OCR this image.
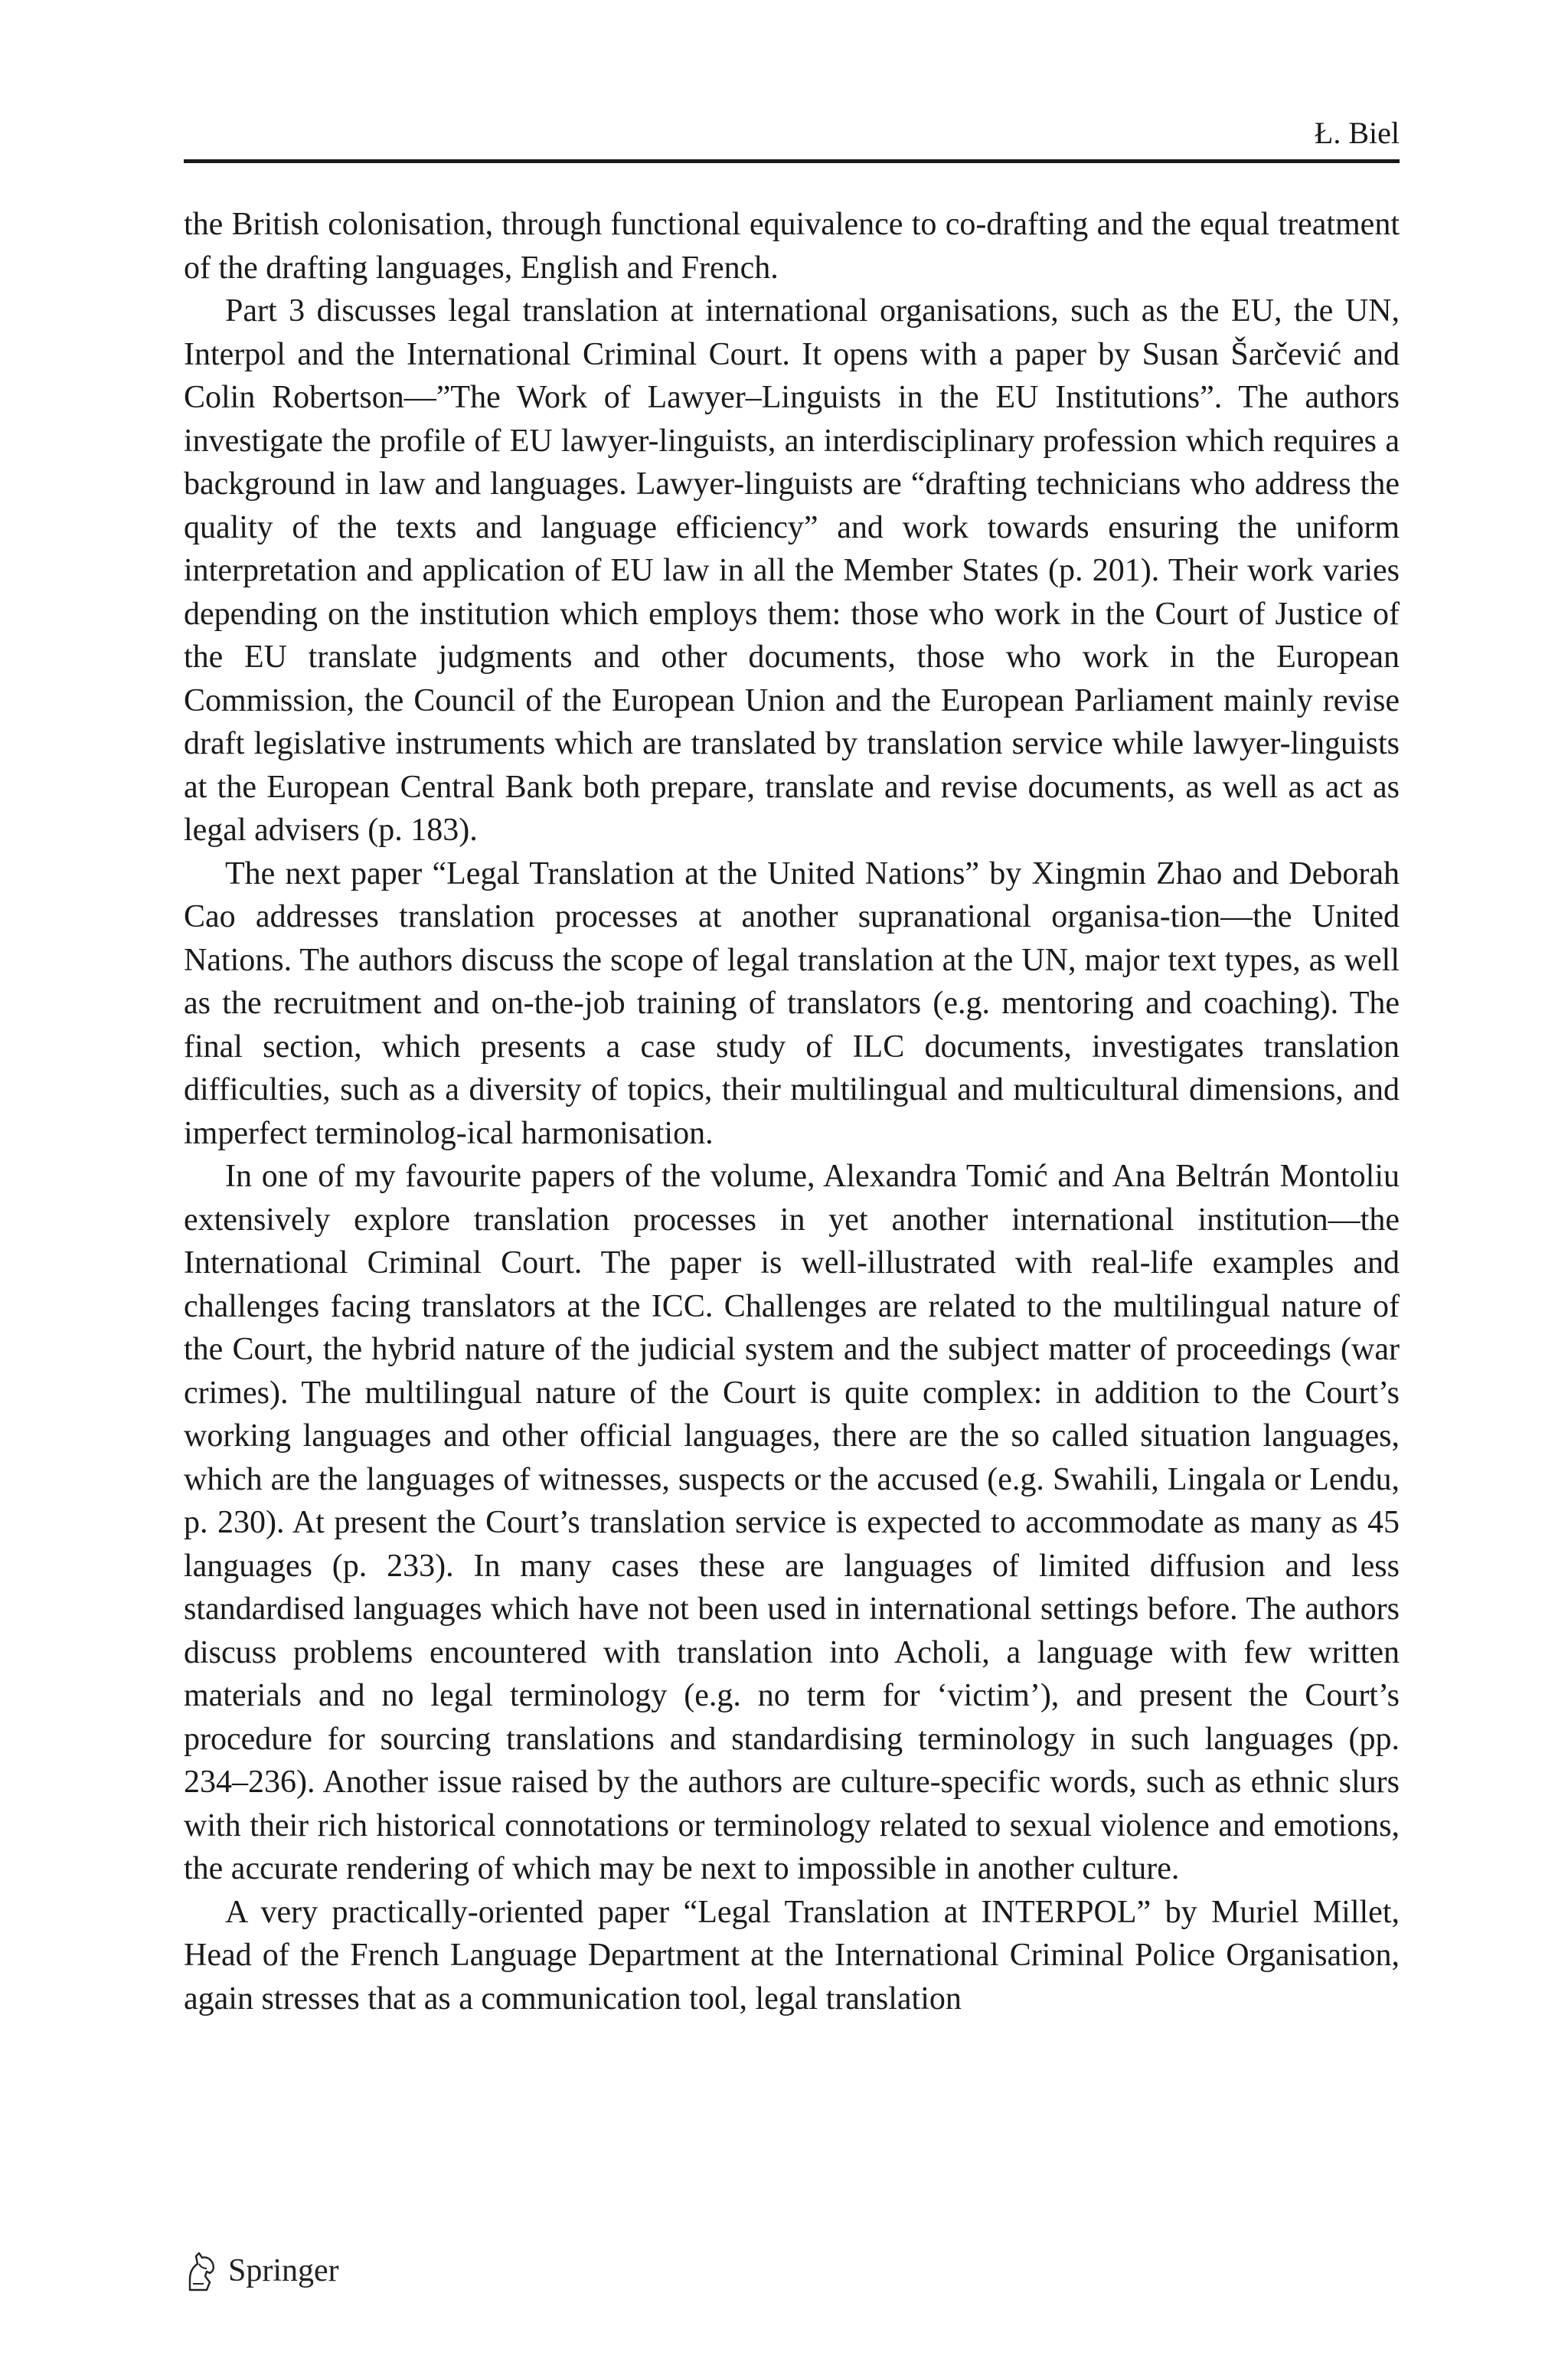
Ł. Biel

the British colonisation, through functional equivalence to co-drafting and the equal treatment of the drafting languages, English and French.

Part 3 discusses legal translation at international organisations, such as the EU, the UN, Interpol and the International Criminal Court. It opens with a paper by Susan Šarčević and Colin Robertson—”The Work of Lawyer–Linguists in the EU Institutions”. The authors investigate the profile of EU lawyer-linguists, an interdisciplinary profession which requires a background in law and languages. Lawyer-linguists are “drafting technicians who address the quality of the texts and language efficiency” and work towards ensuring the uniform interpretation and application of EU law in all the Member States (p. 201). Their work varies depending on the institution which employs them: those who work in the Court of Justice of the EU translate judgments and other documents, those who work in the European Commission, the Council of the European Union and the European Parliament mainly revise draft legislative instruments which are translated by translation service while lawyer-linguists at the European Central Bank both prepare, translate and revise documents, as well as act as legal advisers (p. 183).

The next paper “Legal Translation at the United Nations” by Xingmin Zhao and Deborah Cao addresses translation processes at another supranational organisa-tion—the United Nations. The authors discuss the scope of legal translation at the UN, major text types, as well as the recruitment and on-the-job training of translators (e.g. mentoring and coaching). The final section, which presents a case study of ILC documents, investigates translation difficulties, such as a diversity of topics, their multilingual and multicultural dimensions, and imperfect terminolog-ical harmonisation.

In one of my favourite papers of the volume, Alexandra Tomić and Ana Beltrán Montoliu extensively explore translation processes in yet another international institution—the International Criminal Court. The paper is well-illustrated with real-life examples and challenges facing translators at the ICC. Challenges are related to the multilingual nature of the Court, the hybrid nature of the judicial system and the subject matter of proceedings (war crimes). The multilingual nature of the Court is quite complex: in addition to the Court’s working languages and other official languages, there are the so called situation languages, which are the languages of witnesses, suspects or the accused (e.g. Swahili, Lingala or Lendu, p. 230). At present the Court’s translation service is expected to accommodate as many as 45 languages (p. 233). In many cases these are languages of limited diffusion and less standardised languages which have not been used in international settings before. The authors discuss problems encountered with translation into Acholi, a language with few written materials and no legal terminology (e.g. no term for ‘victim’), and present the Court’s procedure for sourcing translations and standardising terminology in such languages (pp. 234–236). Another issue raised by the authors are culture-specific words, such as ethnic slurs with their rich historical connotations or terminology related to sexual violence and emotions, the accurate rendering of which may be next to impossible in another culture.

A very practically-oriented paper “Legal Translation at INTERPOL” by Muriel Millet, Head of the French Language Department at the International Criminal Police Organisation, again stresses that as a communication tool, legal translation

Springer
